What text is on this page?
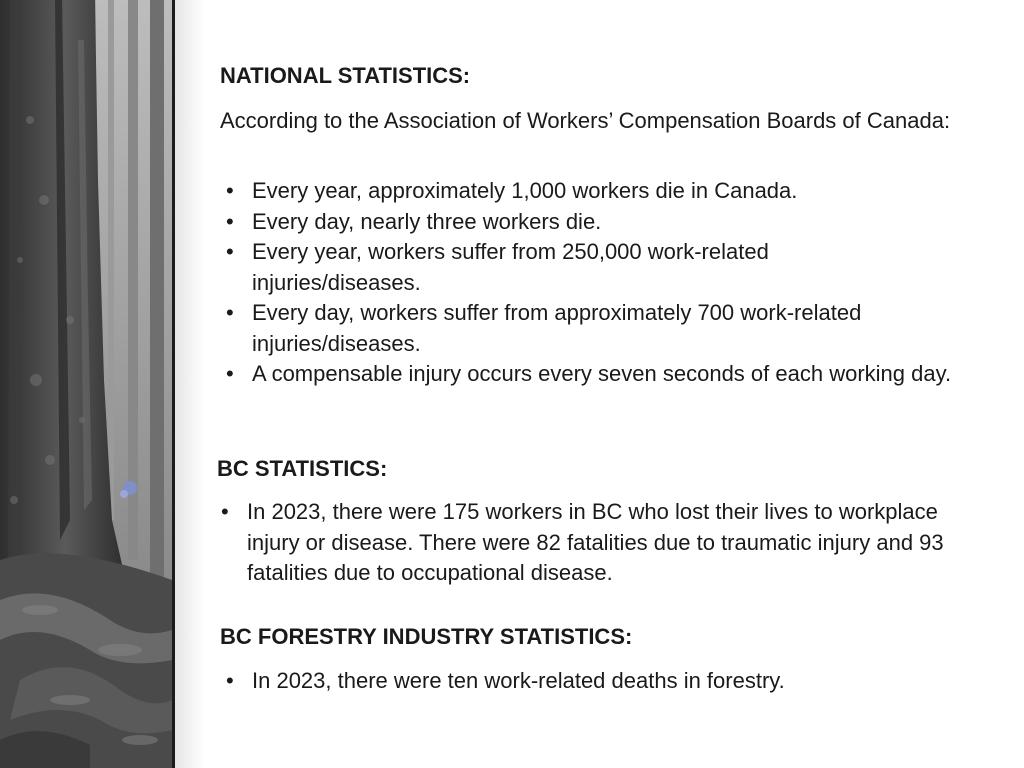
NATIONAL STATISTICS:

According to the Association of Workers’ Compensation Boards of Canada:

• Every year, approximately 1,000 workers die in Canada.
• Every day, nearly three workers die.
• Every year, workers suffer from 250,000 work-related injuries/diseases.
• Every day, workers suffer from approximately 700 work-related injuries/diseases.
• A compensable injury occurs every seven seconds of each working day.
BC STATISTICS:
• In 2023, there were 175 workers in BC who lost their lives to workplace injury or disease. There were 82 fatalities due to traumatic injury and 93 fatalities due to occupational disease.
BC FORESTRY INDUSTRY STATISTICS:
• In 2023, there were ten work-related deaths in forestry.
